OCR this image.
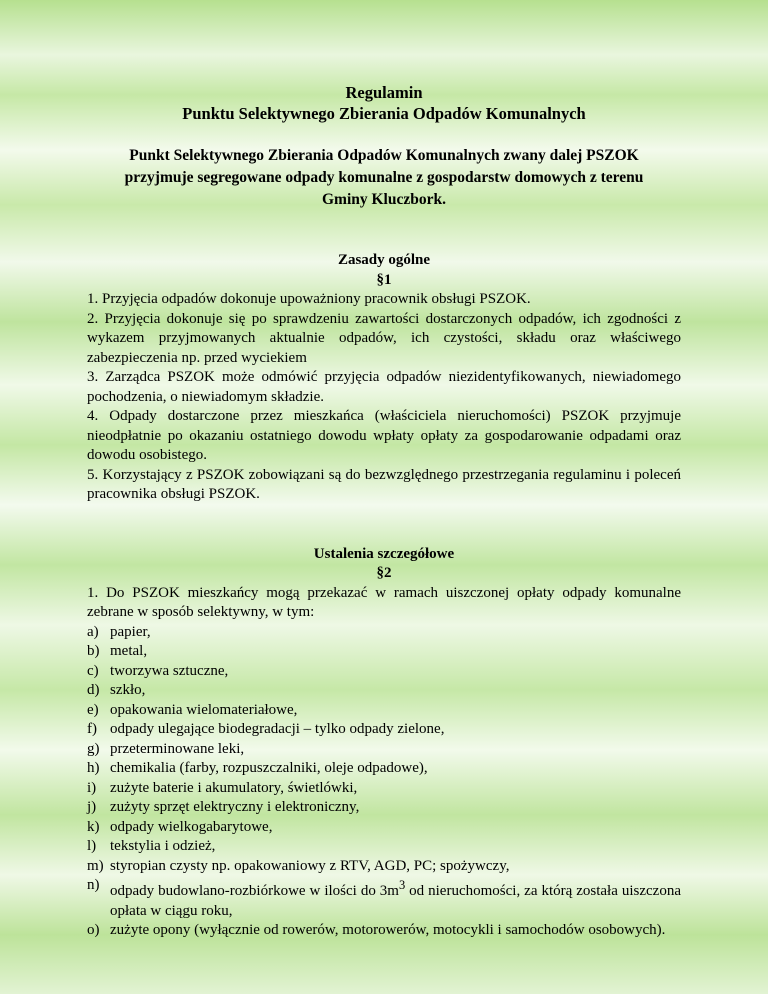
Regulamin
Punktu Selektywnego Zbierania Odpadów Komunalnych
Punkt Selektywnego Zbierania Odpadów Komunalnych zwany dalej PSZOK
przyjmuje segregowane odpady komunalne z gospodarstw domowych z terenu
Gminy Kluczbork.
Zasady ogólne
§1
1. Przyjęcia odpadów dokonuje upoważniony pracownik obsługi PSZOK.
2. Przyjęcia dokonuje się po sprawdzeniu zawartości dostarczonych odpadów, ich zgodności z wykazem przyjmowanych aktualnie odpadów, ich czystości, składu oraz właściwego zabezpieczenia np. przed wyciekiem
3. Zarządca PSZOK może odmówić przyjęcia odpadów niezidentyfikowanych, niewiadomego pochodzenia, o niewiadomym składzie.
4. Odpady dostarczone przez mieszkańca (właściciela nieruchomości) PSZOK przyjmuje nieodpłatnie po okazaniu ostatniego dowodu wpłaty opłaty za gospodarowanie odpadami oraz dowodu osobistego.
5. Korzystający z PSZOK zobowiązani są do bezwzględnego przestrzegania regulaminu i poleceń pracownika obsługi PSZOK.
Ustalenia szczegółowe
§2
1. Do PSZOK mieszkańcy mogą przekazać w ramach uiszczonej opłaty odpady komunalne zebrane w sposób selektywny, w tym:
a) papier,
b) metal,
c) tworzywa sztuczne,
d) szkło,
e) opakowania wielomateriałowe,
f) odpady ulegające biodegradacji – tylko odpady zielone,
g) przeterminowane leki,
h) chemikalia (farby, rozpuszczalniki, oleje odpadowe),
i) zużyte baterie i akumulatory, świetlówki,
j) zużyty sprzęt elektryczny i elektroniczny,
k) odpady wielkogabarytowe,
l) tekstylia i odzież,
m) styropian czysty np. opakowaniowy z RTV, AGD, PC; spożywczy,
n) odpady budowlano-rozbiórkowe w ilości do $3m^3$ od nieruchomości, za którą została uiszczona opłata w ciągu roku,
o) zużyte opony (wyłącznie od rowerów, motorowerów, motocykli i samochodów osobowych).
